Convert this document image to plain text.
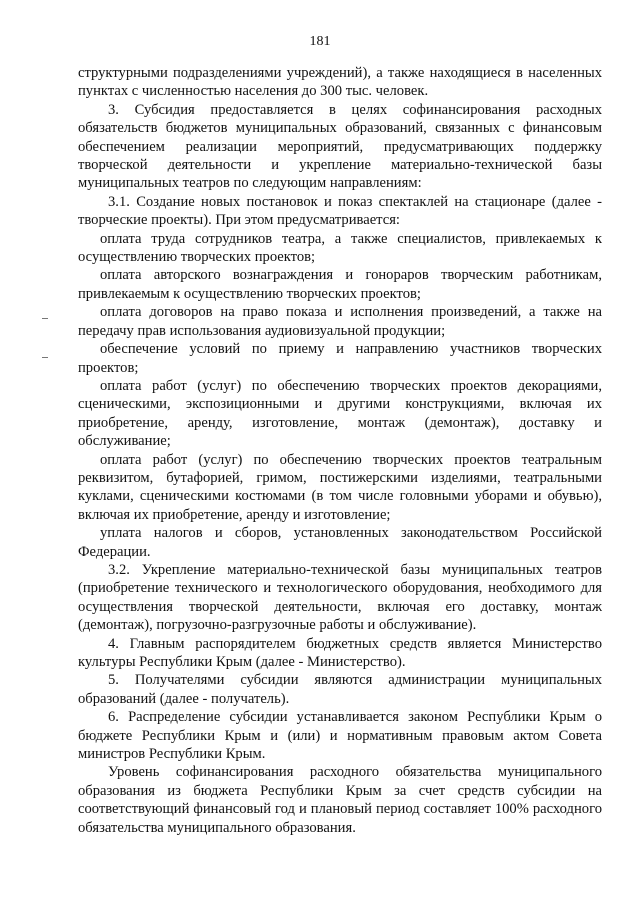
181

структурными подразделениями учреждений), а также находящиеся в населенных пунктах с численностью населения до 300 тыс. человек.

3. Субсидия предоставляется в целях софинансирования расходных обязательств бюджетов муниципальных образований, связанных с финансовым обеспечением реализации мероприятий, предусматривающих поддержку творческой деятельности и укрепление материально-технической базы муниципальных театров по следующим направлениям:

3.1. Создание новых постановок и показ спектаклей на стационаре (далее - творческие проекты). При этом предусматривается:

оплата труда сотрудников театра, а также специалистов, привлекаемых к осуществлению творческих проектов;

оплата авторского вознаграждения и гонораров творческим работникам, привлекаемым к осуществлению творческих проектов;

оплата договоров на право показа и исполнения произведений, а также на передачу прав использования аудиовизуальной продукции;

обеспечение условий по приему и направлению участников творческих проектов;

оплата работ (услуг) по обеспечению творческих проектов декорациями, сценическими, экспозиционными и другими конструкциями, включая их приобретение, аренду, изготовление, монтаж (демонтаж), доставку и обслуживание;

оплата работ (услуг) по обеспечению творческих проектов театральным реквизитом, бутафорией, гримом, постижерскими изделиями, театральными куклами, сценическими костюмами (в том числе головными уборами и обувью), включая их приобретение, аренду и изготовление;

уплата налогов и сборов, установленных законодательством Российской Федерации.

3.2. Укрепление материально-технической базы муниципальных театров (приобретение технического и технологического оборудования, необходимого для осуществления творческой деятельности, включая его доставку, монтаж (демонтаж), погрузочно-разгрузочные работы и обслуживание).

4. Главным распорядителем бюджетных средств является Министерство культуры Республики Крым (далее - Министерство).

5. Получателями субсидии являются администрации муниципальных образований (далее - получатель).

6. Распределение субсидии устанавливается законом Республики Крым о бюджете Республики Крым и (или) и нормативным правовым актом Совета министров Республики Крым.

Уровень софинансирования расходного обязательства муниципального образования из бюджета Республики Крым за счет средств субсидии на соответствующий финансовый год и плановый период составляет 100% расходного обязательства муниципального образования.
